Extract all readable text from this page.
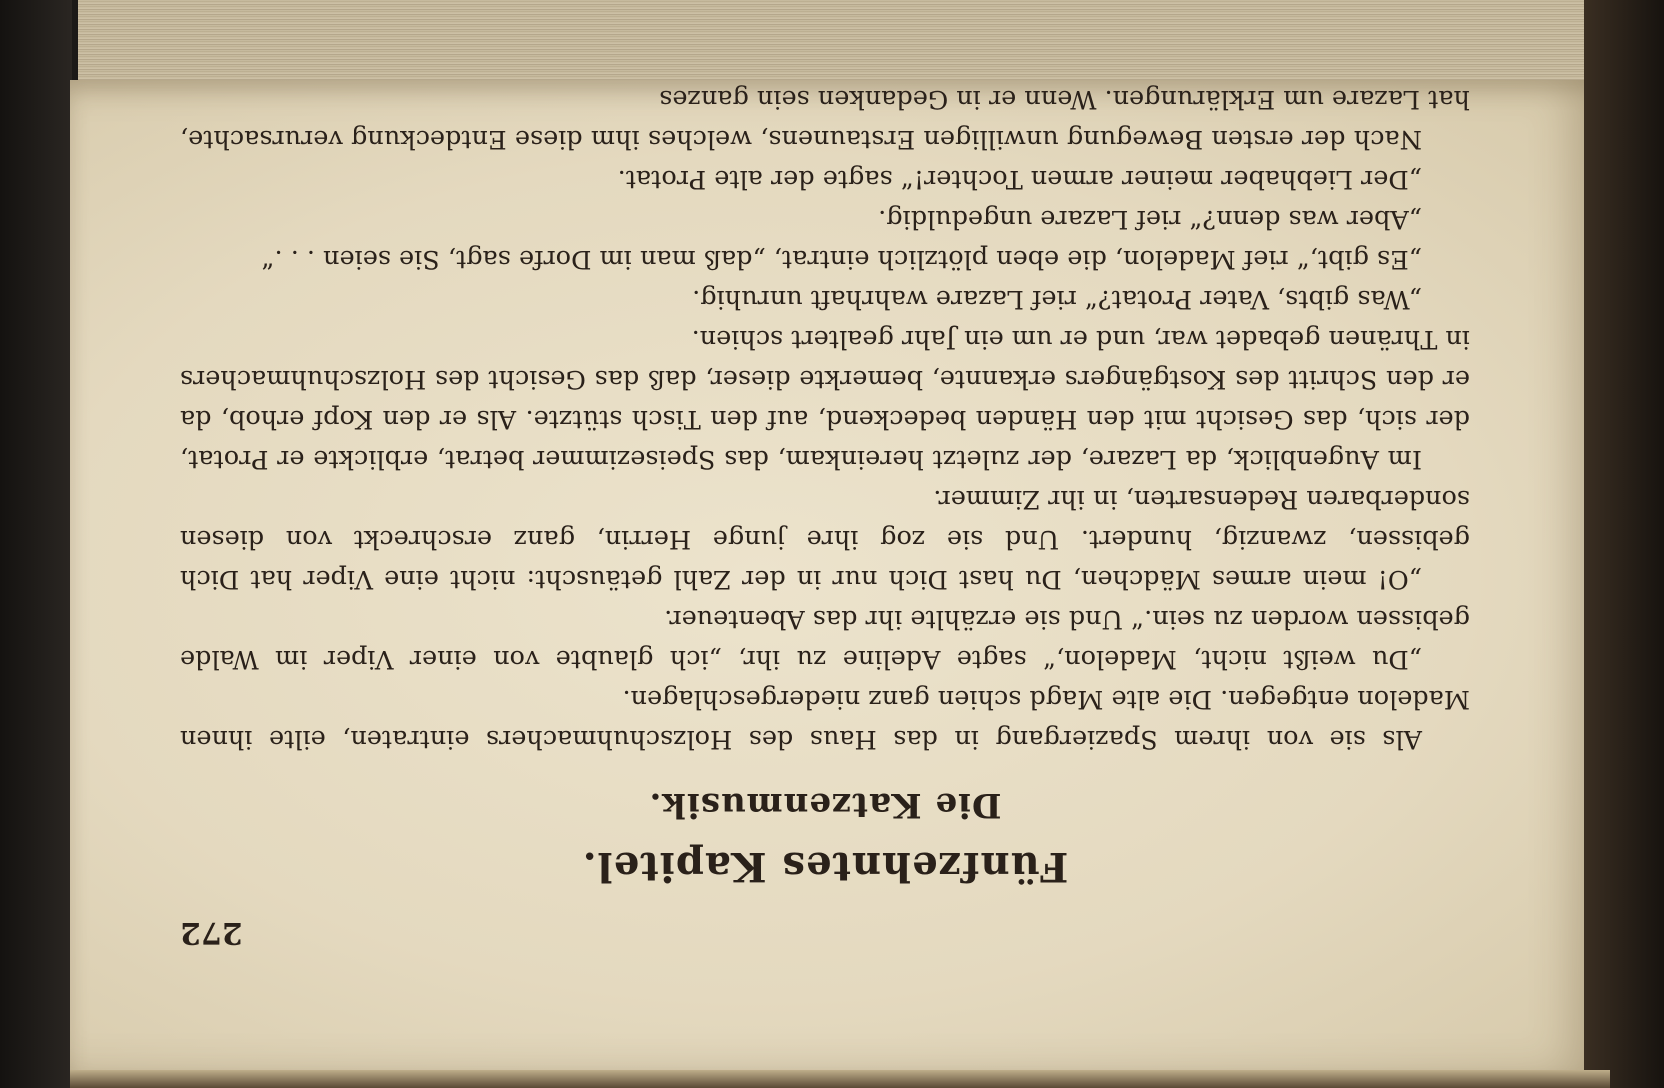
272
Fünfzehntes Kapitel.
Die Katzenmusik.

Als sie von ihrem Spaziergang in das Haus des Holzschuhmachers eintraten, eilte ihnen Madelon entgegen. Die alte Magd schien ganz niedergeschlagen.

„Du weißt nicht, Madelon,“ sagte Adeline zu ihr, „ich glaubte von einer Viper im Walde gebissen worden zu sein.“ Und sie erzählte ihr das Abenteuer.

„O! mein armes Mädchen, Du hast Dich nur in der Zahl getäuscht: nicht eine Viper hat Dich gebissen, zwanzig, hundert. Und sie zog ihre junge Herrin, ganz erschreckt von diesen sonderbaren Redensarten, in ihr Zimmer.

Im Augenblick, da Lazare, der zuletzt hereinkam, das Speisezimmer betrat, erblickte er Protat, der sich, das Gesicht mit den Händen bedeckend, auf den Tisch stützte. Als er den Kopf erhob, da er den Schritt des Kostgängers erkannte, bemerkte dieser, daß das Gesicht des Holzschuhmachers in Thränen gebadet war, und er um ein Jahr gealtert schien.

„Was gibts, Vater Protat?“ rief Lazare wahrhaft unruhig.

„Es gibt,“ rief Madelon, die eben plötzlich eintrat, „daß man im Dorfe sagt, Sie seien . . .“

„Aber was denn?“ rief Lazare ungeduldig.

„Der Liebhaber meiner armen Tochter!“ sagte der alte Protat.

Nach der ersten Bewegung unwilligen Erstaunens, welches ihm diese Entdeckung verursachte, hat Lazare um Erklärungen. Wenn er in Gedanken sein ganzes
